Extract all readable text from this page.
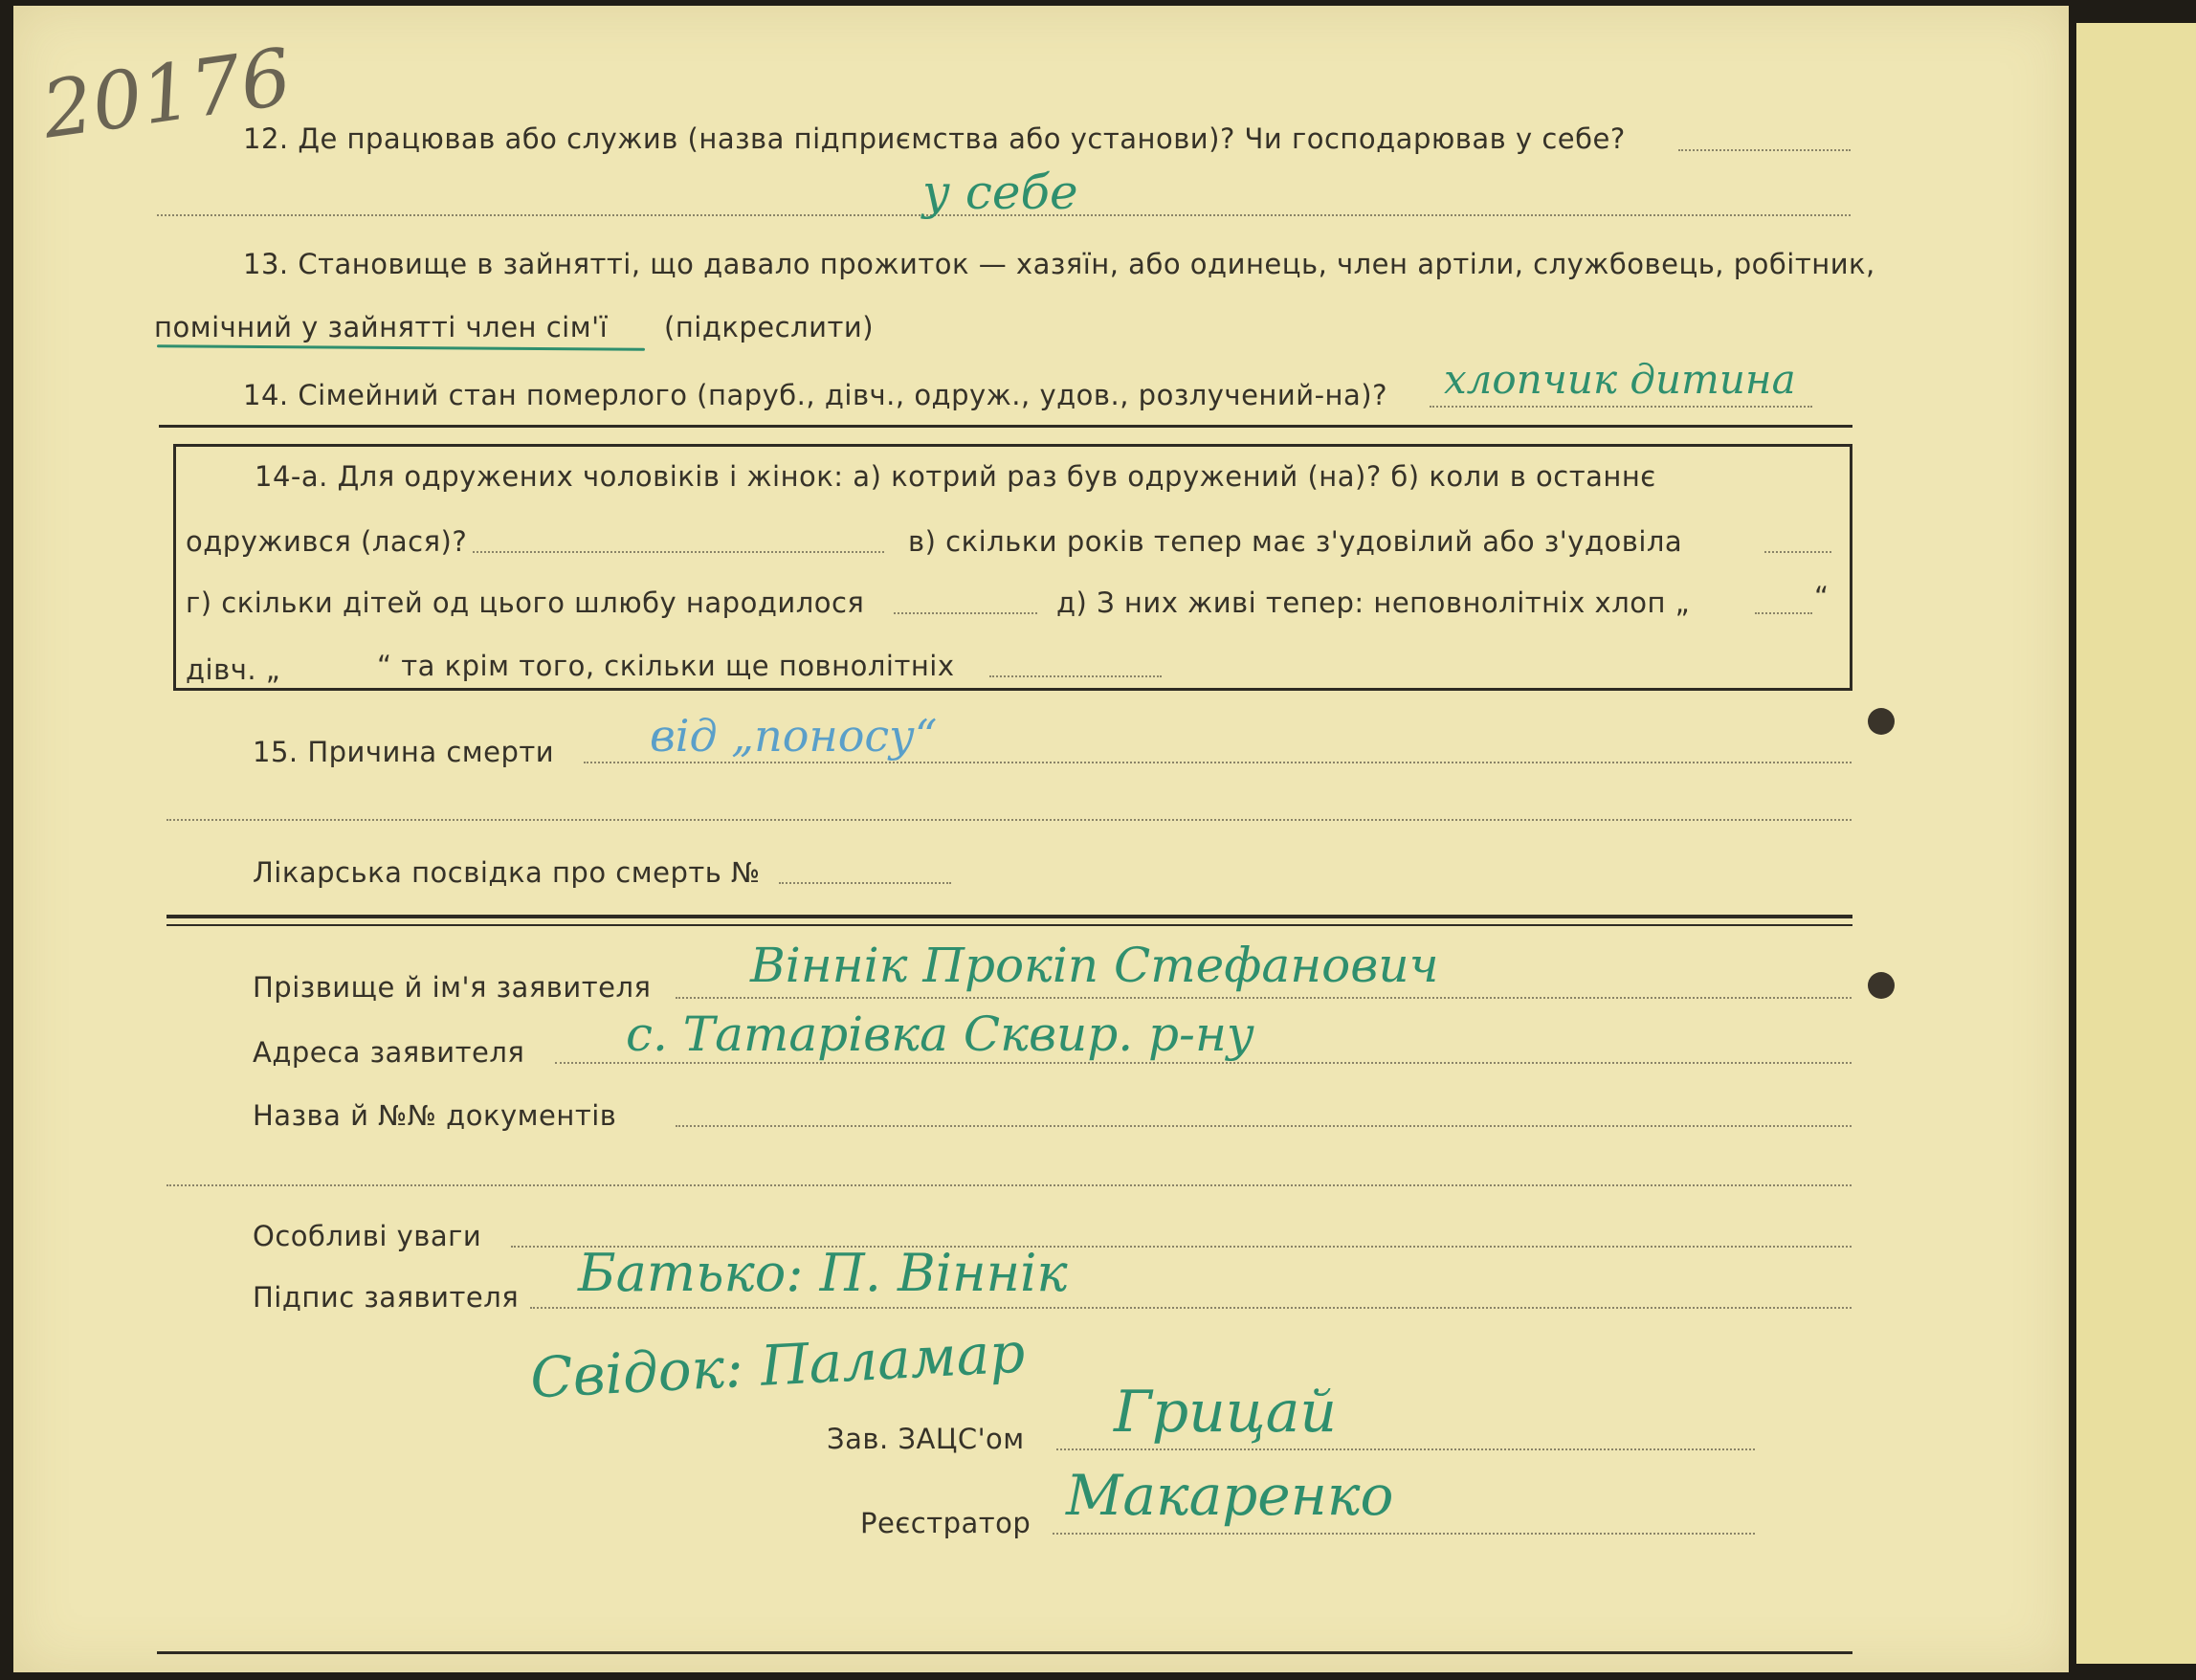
20176
12. Де працював або служив (назва підприємства або установи)? Чи господарював у себе?
у себе
13. Становище в зайнятті, що давало прожиток — хазяїн, або одинець, член артіли, службовець, робітник,
помічний у зайнятті член сім'ї (підкреслити)
14. Сімейний стан померлого (паруб., дівч., одруж., удов., розлучений-на)? хлопчик дитина
14-а. Для одружених чоловіків і жінок: а) котрий раз був одружений (на)? б) коли в останнє
одружився (лася)?	в) скільки років тепер має з'удовілий або з'удовіла
г) скільки дітей од цього шлюбу народилося	д) З них живі тепер: неповнолітніх хлоп „	“
дівч. „	“ та крім того, скільки ще повнолітніх
15. Причина смерти від „поносу“
Лікарська посвідка про смерть №
Прізвище й ім'я заявителя Віннік Прокіп Стефанович
Адреса заявителя с. Татарівка Сквир. р-ну
Назва й №№ документів
Особливі уваги
Підпис заявителя Батько: П. Віннік
Свідок: Паламар
Зав. ЗАЦС'ом Грицай
Реєстратор Макаренко
